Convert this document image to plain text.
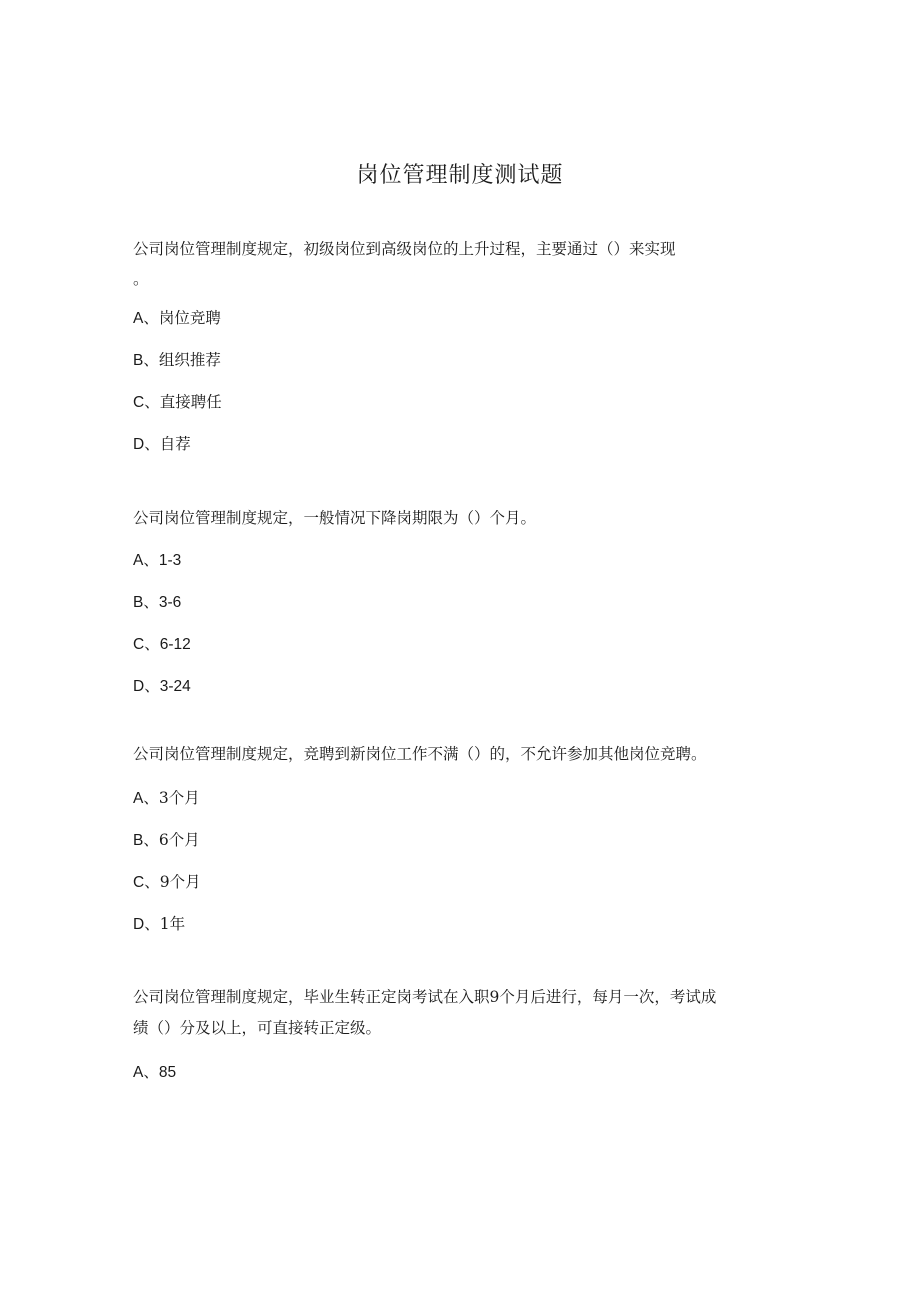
岗位管理制度测试题

公司岗位管理制度规定，初级岗位到高级岗位的上升过程，主要通过（）来实现

。

A、岗位竞聘

B、组织推荐

C、直接聘任

D、自荐

公司岗位管理制度规定，一般情况下降岗期限为（）个月。

A、1-3

B、3-6

C、6-12

D、3-24

公司岗位管理制度规定，竞聘到新岗位工作不满（）的，不允许参加其他岗位竞聘。

A、3个月

B、6个月

C、9个月

D、1年

公司岗位管理制度规定，毕业生转正定岗考试在入职9个月后进行，每月一次，考试成

绩（）分及以上，可直接转正定级。

A、85
